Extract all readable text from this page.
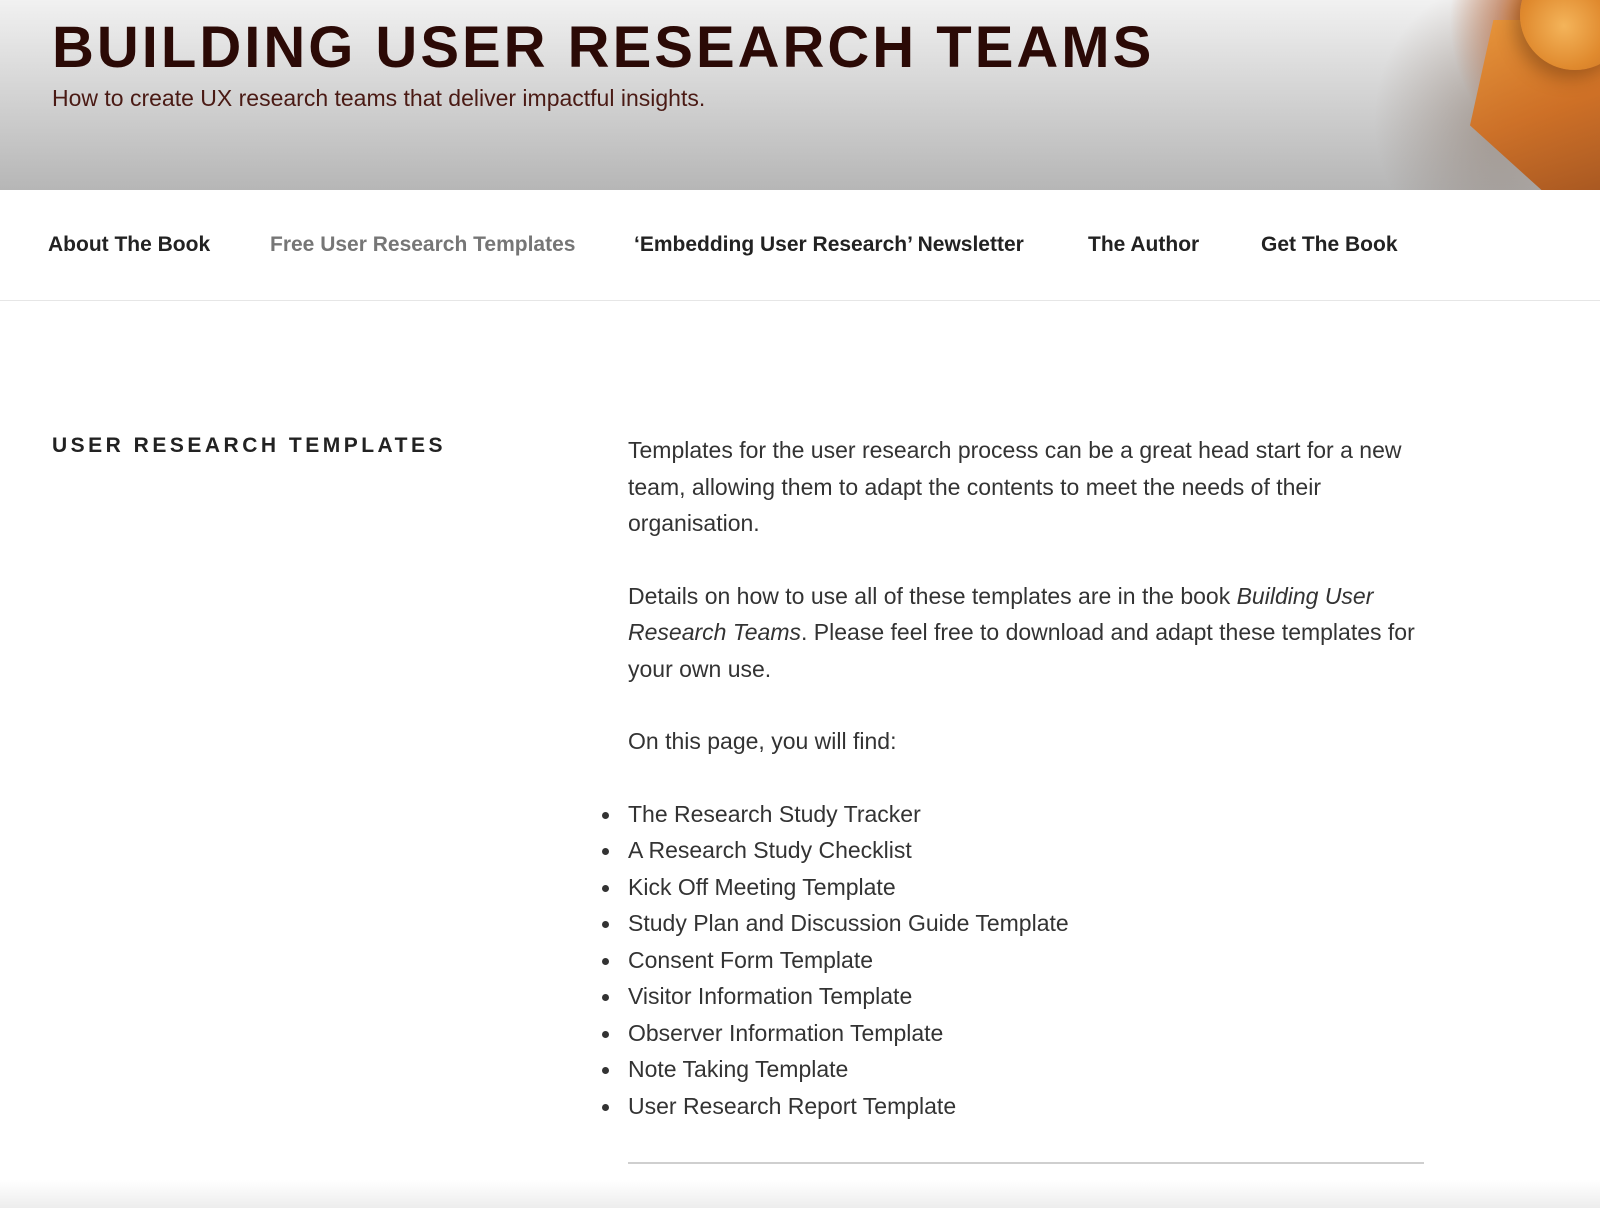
BUILDING USER RESEARCH TEAMS

How to create UX research teams that deliver impactful insights.

About The Book	Free User Research Templates	‘Embedding User Research’ Newsletter	The Author	Get The Book
USER RESEARCH TEMPLATES	Templates for the user research process can be a great head start for a new team, allowing them to adapt the contents to meet the needs of their organisation.

Details on how to use all of these templates are in the book Building User Research Teams. Please feel free to download and adapt these templates for your own use.

On this page, you will find:

The Research Study Tracker
A Research Study Checklist
Kick Off Meeting Template
Study Plan and Discussion Guide Template
Consent Form Template
Visitor Information Template
Observer Information Template
Note Taking Template
User Research Report Template
